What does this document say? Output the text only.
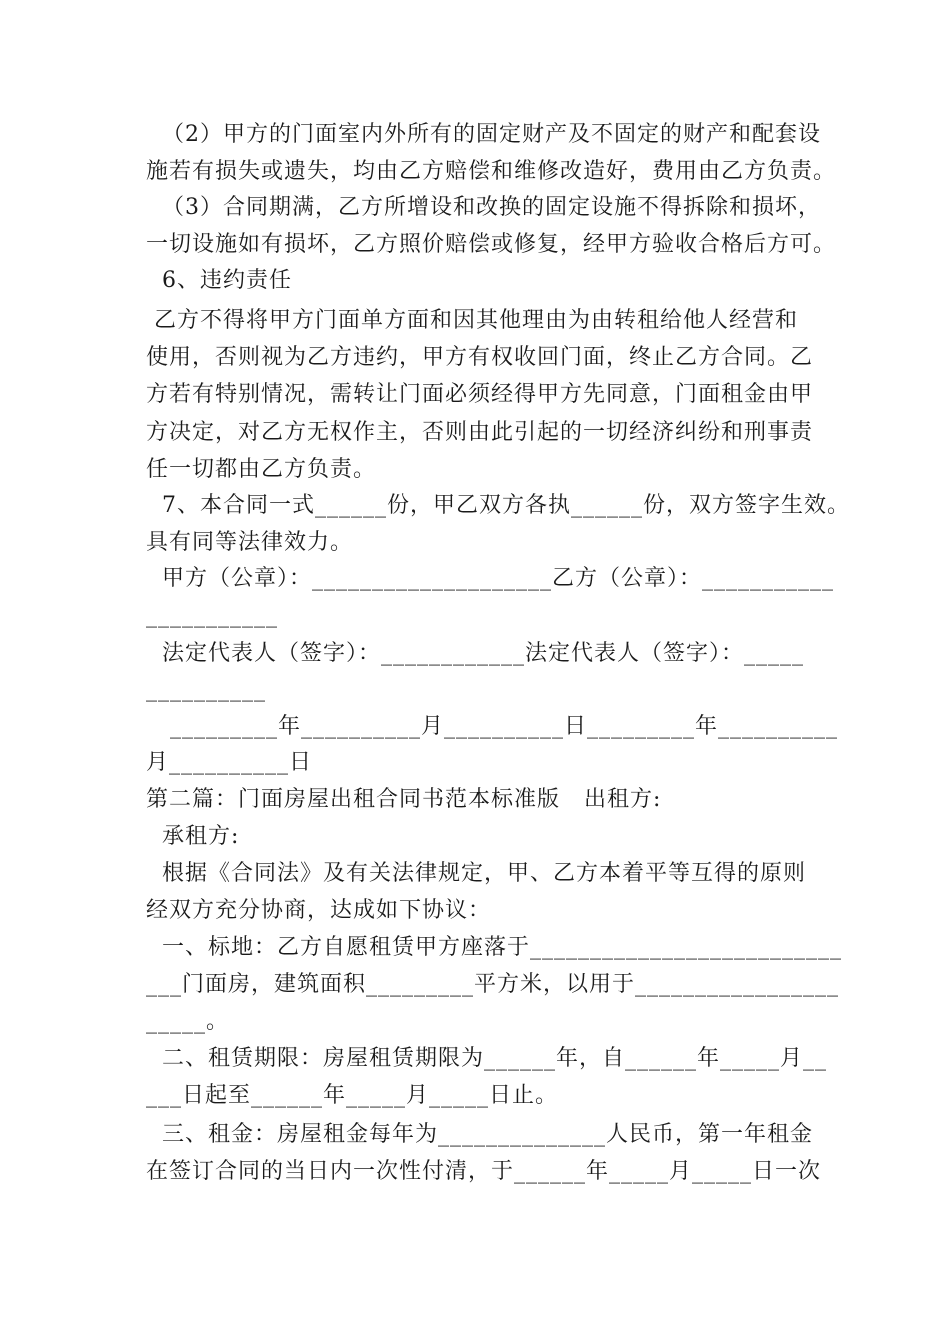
（2）甲方的门面室内外所有的固定财产及不固定的财产和配套设
施若有损失或遗失，均由乙方赔偿和维修改造好，费用由乙方负责。
（3）合同期满，乙方所增设和改换的固定设施不得拆除和损坏，
一切设施如有损坏，乙方照价赔偿或修复，经甲方验收合格后方可。
6、违约责任
乙方不得将甲方门面单方面和因其他理由为由转租给他人经营和
使用，否则视为乙方违约，甲方有权收回门面，终止乙方合同。乙
方若有特别情况，需转让门面必须经得甲方先同意，门面租金由甲
方决定，对乙方无权作主，否则由此引起的一切经济纠纷和刑事责
任一切都由乙方负责。
7、本合同一式______份，甲乙双方各执______份，双方签字生效。
具有同等法律效力。
甲方（公章）：____________________乙方（公章）：___________
___________
法定代表人（签字）：____________法定代表人（签字）：_____
__________
_________年__________月__________日_________年__________
月__________日
第二篇：门面房屋出租合同书范本标准版   出租方:
承租方:
根据《合同法》及有关法律规定，甲、乙方本着平等互得的原则
经双方充分协商，达成如下协议：
一、标地：乙方自愿租赁甲方座落于__________________________
___门面房，建筑面积_________平方米，以用于_________________
_____。
二、租赁期限：房屋租赁期限为______年，自______年_____月__
___日起至______年_____月_____日止。
三、租金：房屋租金每年为______________人民币，第一年租金
在签订合同的当日内一次性付清，于______年_____月_____日一次
